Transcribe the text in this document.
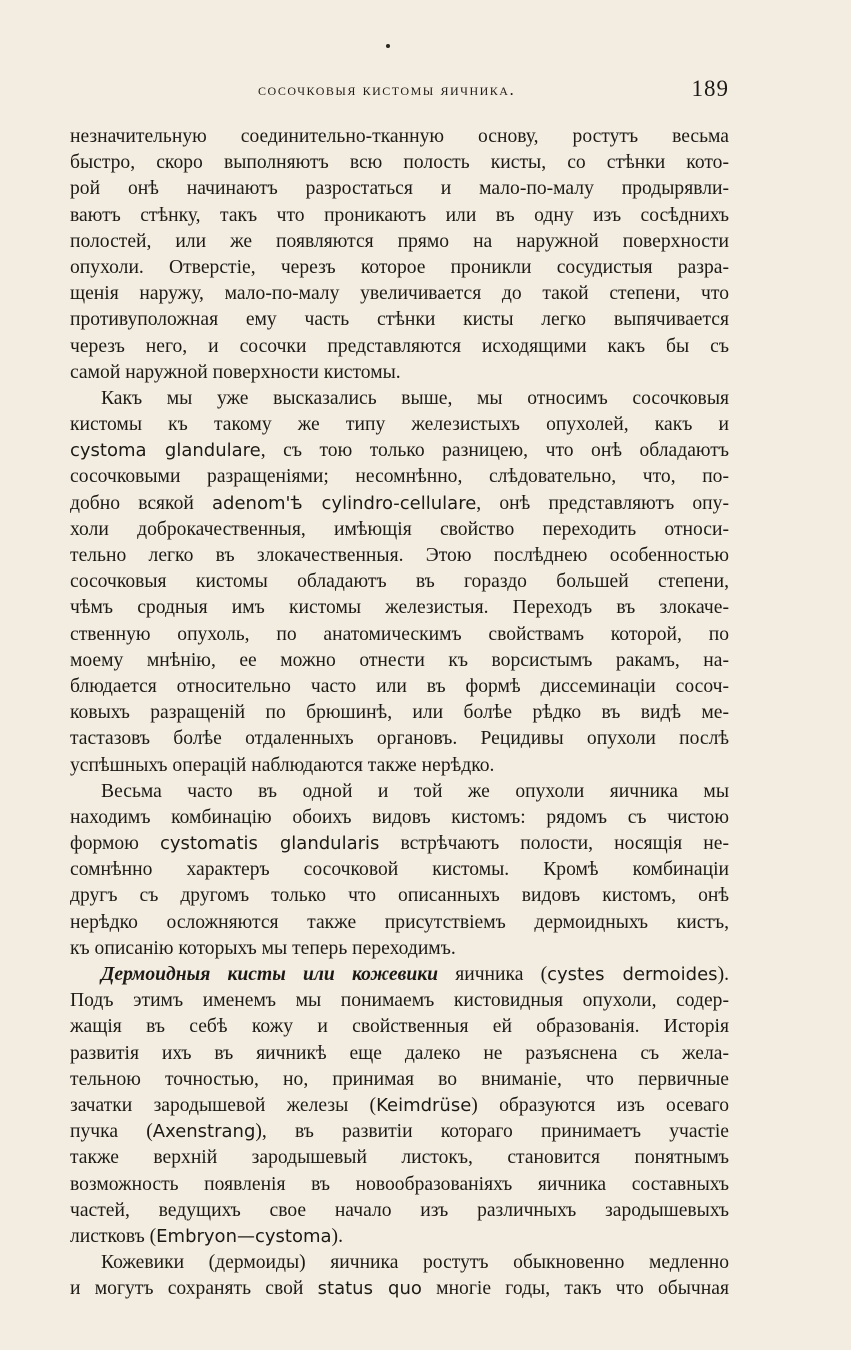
сосочковыя кистомы яичника.	189
незначительную соединительно-тканную основу, ростутъ весьма
быстро, скоро выполняютъ всю полость кисты, со стѣнки кото-
рой онѣ начинаютъ разростаться и мало-по-малу продырявли-
ваютъ стѣнку, такъ что проникаютъ или въ одну изъ сосѣднихъ
полостей, или же появляются прямо на наружной поверхности
опухоли. Отверстіе, черезъ которое проникли сосудистыя разра-
щенія наружу, мало-по-малу увеличивается до такой степени, что
противуположная ему часть стѣнки кисты легко выпячивается
черезъ него, и сосочки представляются исходящими какъ бы съ
самой наружной поверхности кистомы.
Какъ мы уже высказались выше, мы относимъ сосочковыя
кистомы къ такому же типу железистыхъ опухолей, какъ и
cystoma glandulare, съ тою только разницею, что онѣ обладаютъ
сосочковыми разращеніями; несомнѣнно, слѣдовательно, что, по-
добно всякой adenom'ѣ cylindro-cellulare, онѣ представляютъ опу-
холи доброкачественныя, имѣющія свойство переходить относи-
тельно легко въ злокачественныя. Этою послѣднею особенностью
сосочковыя кистомы обладаютъ въ гораздо большей степени,
чѣмъ сродныя имъ кистомы железистыя. Переходъ въ злокаче-
ственную опухоль, по анатомическимъ свойствамъ которой, по
моему мнѣнію, ее можно отнести къ ворсистымъ ракамъ, на-
блюдается относительно часто или въ формѣ диссеминаціи сосоч-
ковыхъ разращеній по брюшинѣ, или болѣе рѣдко въ видѣ ме-
тастазовъ болѣе отдаленныхъ органовъ. Рецидивы опухоли послѣ
успѣшныхъ операцій наблюдаются также нерѣдко.
Весьма часто въ одной и той же опухоли яичника мы
находимъ комбинацію обоихъ видовъ кистомъ: рядомъ съ чистою
формою cystomatis glandularis встрѣчаютъ полости, носящія не-
сомнѣнно характеръ сосочковой кистомы. Кромѣ комбинаціи
другъ съ другомъ только что описанныхъ видовъ кистомъ, онѣ
нерѣдко осложняются также присутствіемъ дермоидныхъ кистъ,
къ описанію которыхъ мы теперь переходимъ.
Дермоидныя кисты или кожевики яичника (cystes dermoides).
Подъ этимъ именемъ мы понимаемъ кистовидныя опухоли, содер-
жащія въ себѣ кожу и свойственныя ей образованія. Исторія
развитія ихъ въ яичникѣ еще далеко не разъяснена съ жела-
тельною точностью, но, принимая во вниманіе, что первичные
зачатки зародышевой железы (Keimdrüse) образуются изъ осеваго
пучка (Axenstrang), въ развитіи котораго принимаетъ участіе
также верхній зародышевый листокъ, становится понятнымъ
возможность появленія въ новообразованіяхъ яичника составныхъ
частей, ведущихъ свое начало изъ различныхъ зародышевыхъ
листковъ (Embryon—cystoma).
Кожевики (дермоиды) яичника ростутъ обыкновенно медленно
и могутъ сохранять свой status quo многіе годы, такъ что обычная
